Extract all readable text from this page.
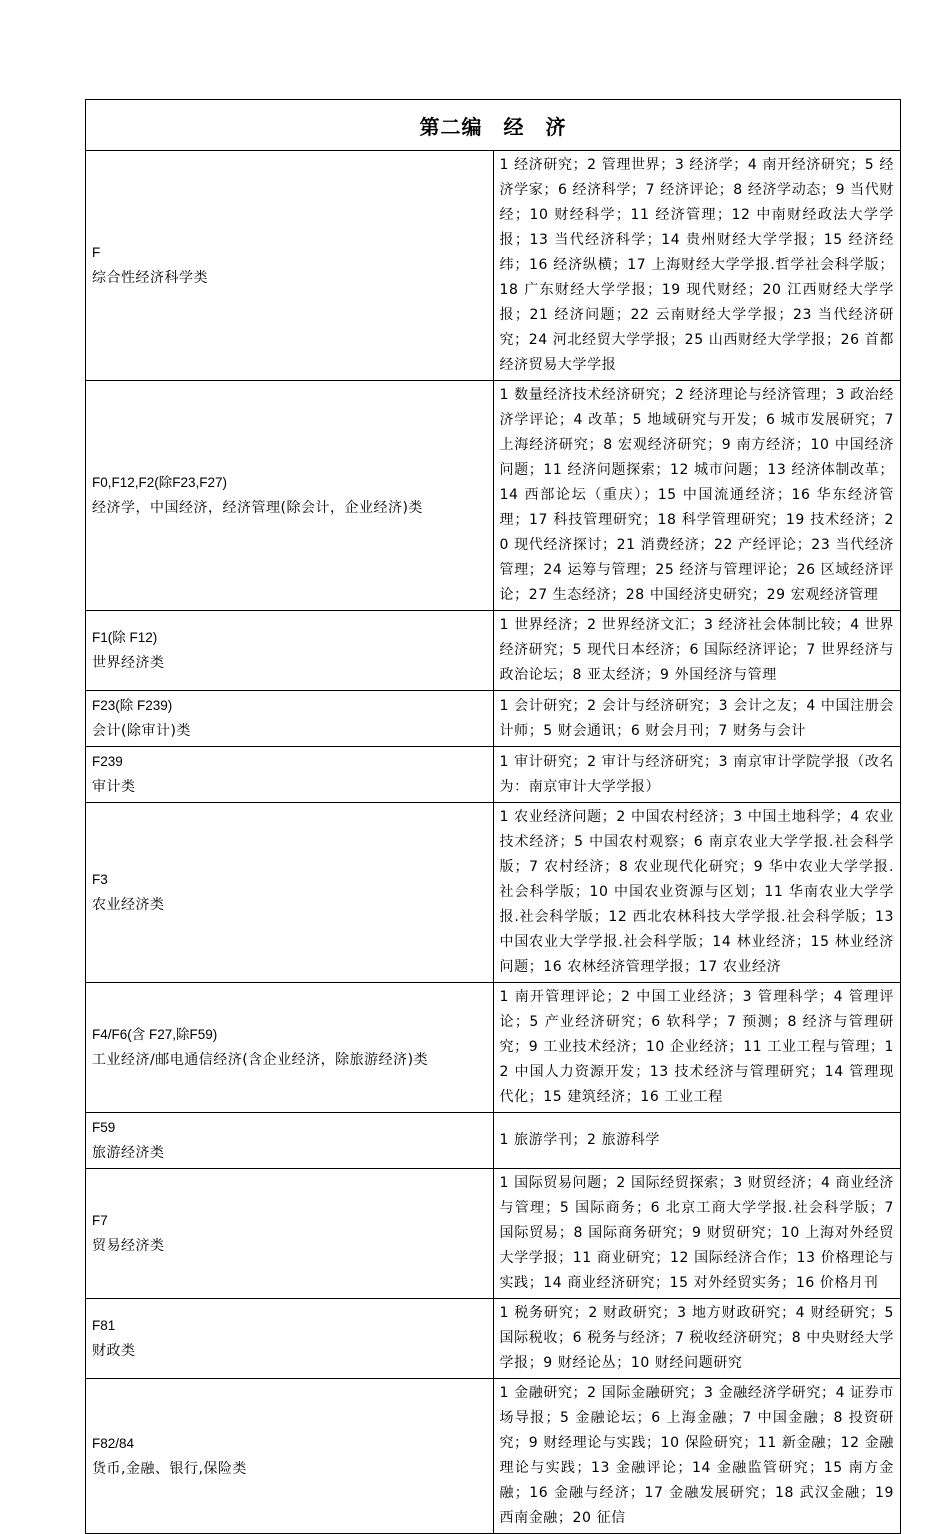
第二编　经　济	
F
综合性经济科学类	1 经济研究；2 管理世界；3 经济学；4 南开经济研究；5 经济学家；6 经济科学；7 经济评论；8 经济学动态；9 当代财经；10 财经科学；11 经济管理；12 中南财经政法大学学报；13 当代经济科学；14 贵州财经大学学报；15 经济经纬；16 经济纵横；17 上海财经大学学报.哲学社会科学版；18 广东财经大学学报；19 现代财经；20 江西财经大学学报；21 经济问题；22 云南财经大学学报；23 当代经济研究；24 河北经贸大学学报；25 山西财经大学学报；26 首都经济贸易大学学报
F0,F12,F2(除F23,F27)
经济学，中国经济，经济管理(除会计，企业经济)类	1 数量经济技术经济研究；2 经济理论与经济管理；3 政治经济学评论；4 改革；5 地域研究与开发；6 城市发展研究；7 上海经济研究；8 宏观经济研究；9 南方经济；10 中国经济问题；11 经济问题探索；12 城市问题；13 经济体制改革；14 西部论坛（重庆）；15 中国流通经济；16 华东经济管理；17 科技管理研究；18 科学管理研究；19 技术经济；20 现代经济探讨；21 消费经济；22 产经评论；23 当代经济管理；24 运筹与管理；25 经济与管理评论；26 区域经济评论；27 生态经济；28 中国经济史研究；29 宏观经济管理
F1(除 F12)
世界经济类	1 世界经济；2 世界经济文汇；3 经济社会体制比较；4 世界经济研究；5 现代日本经济；6 国际经济评论；7 世界经济与政治论坛；8 亚太经济；9 外国经济与管理
F23(除 F239)
会计(除审计)类	1 会计研究；2 会计与经济研究；3 会计之友；4 中国注册会计师；5 财会通讯；6 财会月刊；7 财务与会计
F239
审计类	1 审计研究；2 审计与经济研究；3 南京审计学院学报（改名为：南京审计大学学报）
F3
农业经济类	1 农业经济问题；2 中国农村经济；3 中国土地科学；4 农业技术经济；5 中国农村观察；6 南京农业大学学报.社会科学版；7 农村经济；8 农业现代化研究；9 华中农业大学学报.社会科学版；10 中国农业资源与区划；11 华南农业大学学报.社会科学版；12 西北农林科技大学学报.社会科学版；13 中国农业大学学报.社会科学版；14 林业经济；15 林业经济问题；16 农林经济管理学报；17 农业经济
F4/F6(含 F27,除F59)
工业经济/邮电通信经济(含企业经济，除旅游经济)类	1 南开管理评论；2 中国工业经济；3 管理科学；4 管理评论；5 产业经济研究；6 软科学；7 预测；8 经济与管理研究；9 工业技术经济；10 企业经济；11 工业工程与管理；12 中国人力资源开发；13 技术经济与管理研究；14 管理现代化；15 建筑经济；16 工业工程
F59
旅游经济类	1 旅游学刊；2 旅游科学
F7
贸易经济类	1 国际贸易问题；2 国际经贸探索；3 财贸经济；4 商业经济与管理；5 国际商务；6 北京工商大学学报.社会科学版；7 国际贸易；8 国际商务研究；9 财贸研究；10 上海对外经贸大学学报；11 商业研究；12 国际经济合作；13 价格理论与实践；14 商业经济研究；15 对外经贸实务；16 价格月刊
F81
财政类	1 税务研究；2 财政研究；3 地方财政研究；4 财经研究；5 国际税收；6 税务与经济；7 税收经济研究；8 中央财经大学学报；9 财经论丛；10 财经问题研究
F82/84
货币,金融、银行,保险类	1 金融研究；2 国际金融研究；3 金融经济学研究；4 证券市场导报；5 金融论坛；6 上海金融；7 中国金融；8 投资研究；9 财经理论与实践；10 保险研究；11 新金融；12 金融理论与实践；13 金融评论；14 金融监管研究；15 南方金融；16 金融与经济；17 金融发展研究；18 武汉金融；19 西南金融；20 征信
